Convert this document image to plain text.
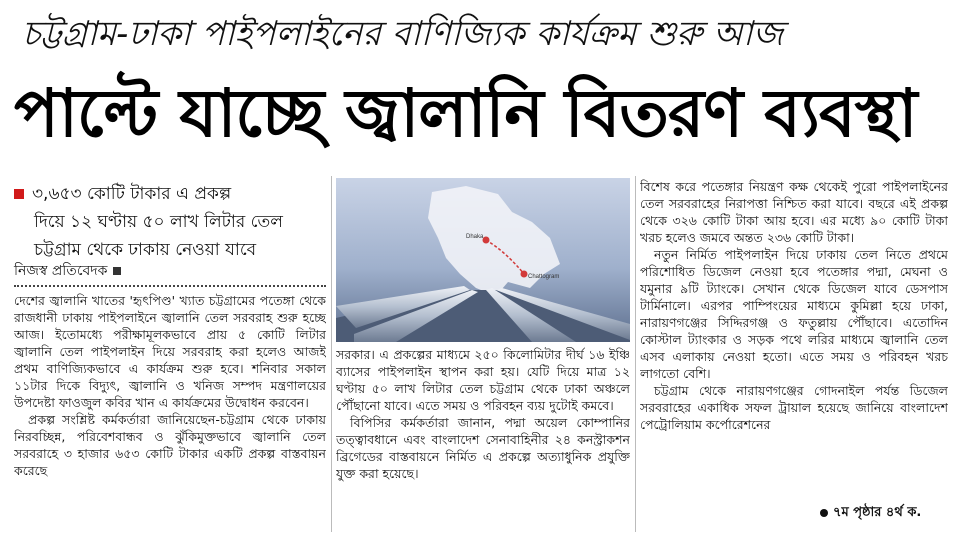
চট্টগ্রাম-ঢাকা পাইপলাইনের বাণিজ্যিক কার্যক্রম শুরু আজ
পাল্টে যাচ্ছে জ্বালানি বিতরণ ব্যবস্থা
৩,৬৫৩ কোটি টাকার এ প্রকল্প
দিয়ে ১২ ঘণ্টায় ৫০ লাখ লিটার তেল
চট্টগ্রাম থেকে ঢাকায় নেওয়া যাবে
নিজস্ব প্রতিবেদক
Dhaka
Chattogram

দেশের জ্বালানি খাতের 'হৃৎপিণ্ড' খ্যাত চট্টগ্রামের পতেঙ্গা থেকে রাজধানী ঢাকায় পাইপলাইনে জ্বালানি তেল সরবরাহ শুরু হচ্ছে আজ। ইতোমধ্যে পরীক্ষামূলকভাবে প্রায় ৫ কোটি লিটার জ্বালানি তেল পাইপলাইন দিয়ে সরবরাহ করা হলেও আজই প্রথম বাণিজ্যিকভাবে এ কার্যক্রম শুরু হবে। শনিবার সকাল ১১টার দিকে বিদ্যুৎ, জ্বালানি ও খনিজ সম্পদ মন্ত্রণালয়ের উপদেষ্টা ফাওজুল কবির খান এ কার্যক্রমের উদ্বোধন করবেন।

প্রকল্প সংশ্লিষ্ট কর্মকর্তারা জানিয়েছেন-চট্টগ্রাম থেকে ঢাকায় নিরবচ্ছিন্ন, পরিবেশবান্ধব ও ঝুঁকিমুক্তভাবে জ্বালানি তেল সরবরাহে ৩ হাজার ৬৫৩ কোটি টাকার একটি প্রকল্প বাস্তবায়ন করেছে

সরকার। এ প্রকল্পের মাধ্যমে ২৫০ কিলোমিটার দীর্ঘ ১৬ ইঞ্চি ব্যাসের পাইপলাইন স্থাপন করা হয়। যেটি দিয়ে মাত্র ১২ ঘণ্টায় ৫০ লাখ লিটার তেল চট্টগ্রাম থেকে ঢাকা অঞ্চলে পৌঁছানো যাবে। এতে সময় ও পরিবহন ব্যয় দুটোই কমবে।

বিপিসির কর্মকর্তারা জানান, পদ্মা অয়েল কোম্পানির তত্ত্বাবধানে এবং বাংলাদেশ সেনাবাহিনীর ২৪ কনস্ট্রাকশন ব্রিগেডের বাস্তবায়নে নির্মিত এ প্রকল্পে অত্যাধুনিক প্রযুক্তি যুক্ত করা হয়েছে।

বিশেষ করে পতেঙ্গার নিয়ন্ত্রণ কক্ষ থেকেই পুরো পাইপলাইনের তেল সরবরাহের নিরাপত্তা নিশ্চিত করা যাবে। বছরে এই প্রকল্প থেকে ৩২৬ কোটি টাকা আয় হবে। এর মধ্যে ৯০ কোটি টাকা খরচ হলেও জমবে অন্তত ২৩৬ কোটি টাকা।

নতুন নির্মিত পাইপলাইন দিয়ে ঢাকায় তেল নিতে প্রথমে পরিশোধিত ডিজেল নেওয়া হবে পতেঙ্গার পদ্মা, মেঘনা ও যমুনার ৯টি ট্যাংকে। সেখান থেকে ডিজেল যাবে ডেসপাস টার্মিনালে। এরপর পাম্পিংয়ের মাধ্যমে কুমিল্লা হয়ে ঢাকা, নারায়ণগঞ্জের সিদ্দিরগঞ্জ ও ফতুল্লায় পৌঁছাবে। এতোদিন কোস্টাল ট্যাংকার ও সড়ক পথে লরির মাধ্যমে জ্বালানি তেল এসব এলাকায় নেওয়া হতো। এতে সময় ও পরিবহন খরচ লাগতো বেশি।

চট্টগ্রাম থেকে নারায়ণগঞ্জের গোদনাইল পর্যন্ত ডিজেল সরবরাহের একাধিক সফল ট্রায়াল হয়েছে জানিয়ে বাংলাদেশ পেট্রোলিয়াম কর্পোরেশনের

৭ম পৃষ্ঠার ৪র্থ ক.
